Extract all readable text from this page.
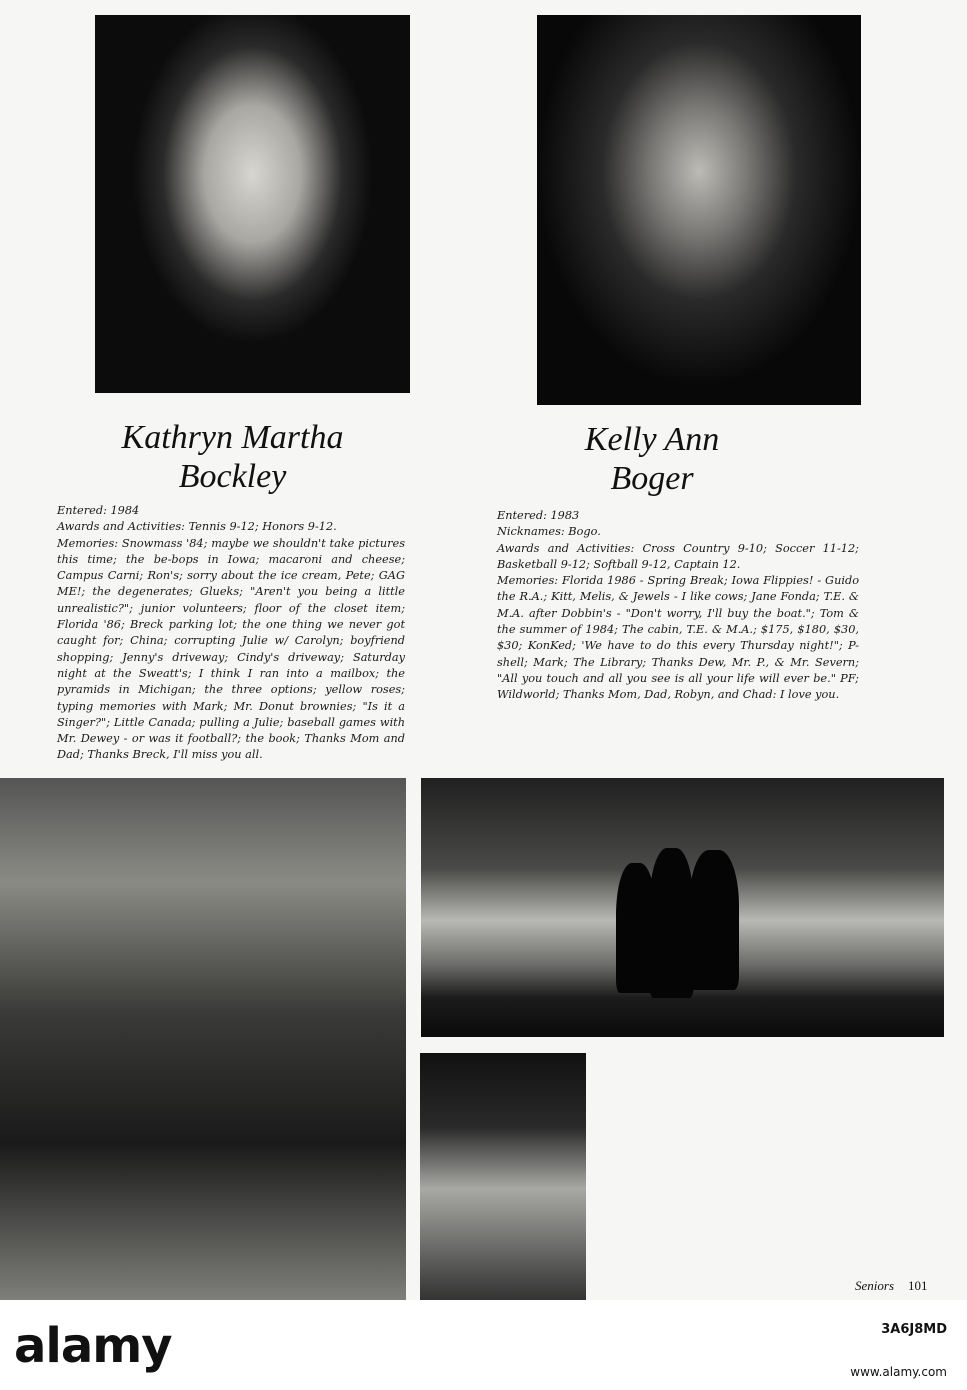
Kathryn Martha
Bockley
Kelly Ann
Boger

Entered: 1984

Awards and Activities: Tennis 9-12; Honors 9-12.

Memories: Snowmass '84; maybe we shouldn't take pictures this time; the be-bops in Iowa; macaroni and cheese; Campus Carni; Ron's; sorry about the ice cream, Pete; GAG ME!; the degenerates; Glueks; "Aren't you being a little unrealistic?"; junior volunteers; floor of the closet item; Florida '86; Breck parking lot; the one thing we never got caught for; China; corrupting Julie w/ Carolyn; boyfriend shopping; Jenny's driveway; Cindy's driveway; Saturday night at the Sweatt's; I think I ran into a mailbox; the pyramids in Michigan; the three options; yellow roses; typing memories with Mark; Mr. Donut brownies; "Is it a Singer?"; Little Canada; pulling a Julie; baseball games with Mr. Dewey - or was it football?; the book; Thanks Mom and Dad; Thanks Breck, I'll miss you all.

Entered: 1983

Nicknames: Bogo.

Awards and Activities: Cross Country 9-10; Soccer 11-12; Basketball 9-12; Softball 9-12, Captain 12.

Memories: Florida 1986 - Spring Break; Iowa Flippies! - Guido the R.A.; Kitt, Melis, & Jewels - I like cows; Jane Fonda; T.E. & M.A. after Dobbin's - "Don't worry, I'll buy the boat."; Tom & the summer of 1984; The cabin, T.E. & M.A.; $175, $180, $30, $30; KonKed; 'We have to do this every Thursday night!"; P-shell; Mark; The Library; Thanks Dew, Mr. P., & Mr. Severn; "All you touch and all you see is all your life will ever be." PF; Wildworld; Thanks Mom, Dad, Robyn, and Chad: I love you.

alamy	3A6J8MD
www.alamy.com
Seniors 101
